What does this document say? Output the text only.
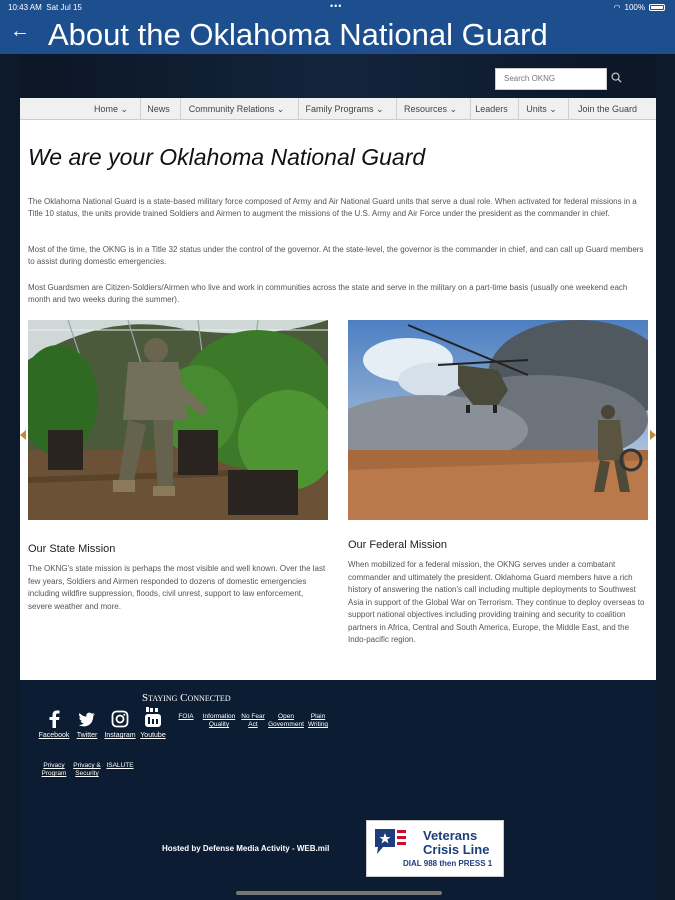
10:43 AM Sat Jul 15	•••	◠ 100%
← About the Oklahoma National Guard
Search OKNG
Home ⌄	News	Community Relations ⌄	Family Programs ⌄	Resources ⌄	Leaders	Units ⌄	Join the Guard
We are your Oklahoma National Guard

The Oklahoma National Guard is a state-based military force composed of Army and Air National Guard units that serve a dual role. When activated for federal missions in a Title 10 status, the units provide trained Soldiers and Airmen to augment the missions of the U.S. Army and Air Force under the president as the commander in chief.

Most of the time, the OKNG is in a Title 32 status under the control of the governor. At the state-level, the governor is the commander in chief, and can call up Guard members to assist during domestic emergencies.

Most Guardsmen are Citizen-Soldiers/Airmen who live and work in communities across the state and serve in the military on a part-time basis (usually one weekend each month and two weeks during the summer).

Our State Mission

The OKNG's state mission is perhaps the most visible and well known. Over the last few years, Soldiers and Airmen responded to dozens of domestic emergencies including wildfire suppression, floods, civil unrest, support to law enforcement, severe weather and more.

Our Federal Mission

When mobilized for a federal mission, the OKNG serves under a combatant commander and ultimately the president. Oklahoma Guard members have a rich history of answering the nation's call including multiple deployments to Southwest Asia in support of the Global War on Terrorism. They continue to deploy overseas to support national objectives including providing training and security to coalition partners in Africa, Central and South America, Europe, the Middle East, and the Indo-pacific region.

Staying Connected
Facebook	Twitter	Instagram Youtube
FOIA	Information Quality
No Fear Act
Open Government
Plain Writing
Privacy Program
Privacy & Security
ISALUTE
Hosted by Defense Media Activity - WEB.mil
Veterans
Crisis Line
DIAL 988 then PRESS 1
